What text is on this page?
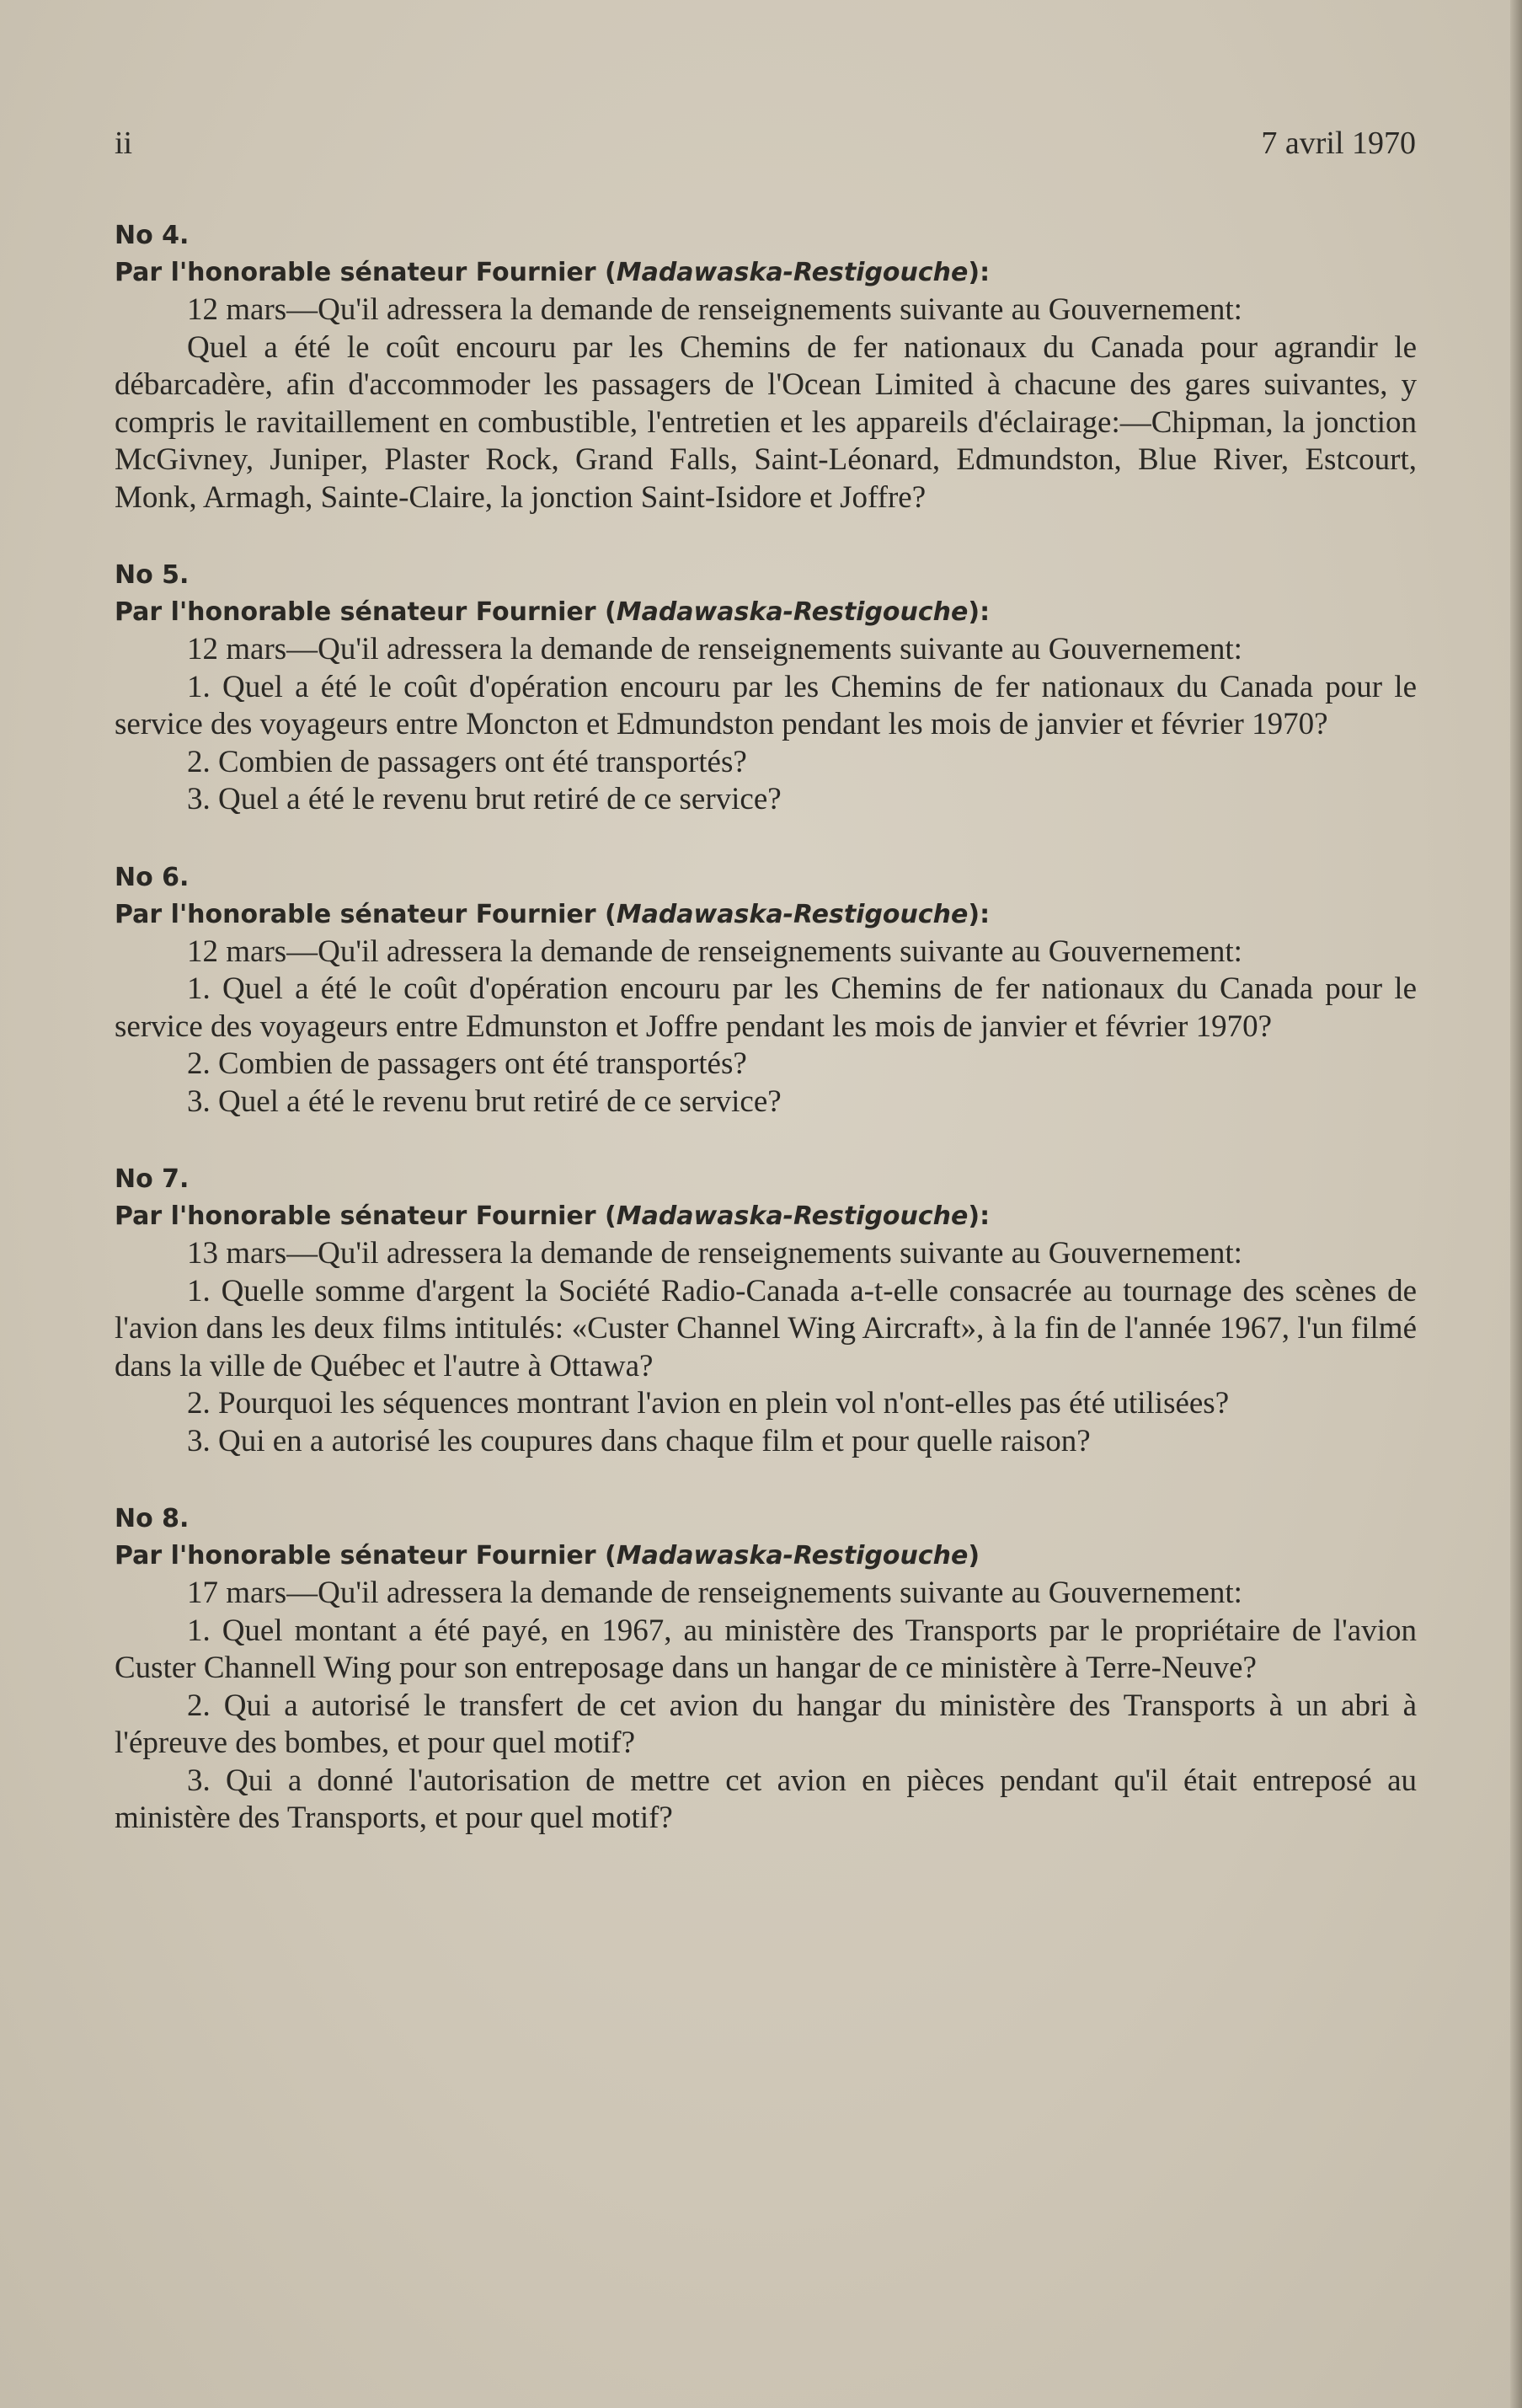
ii	7 avril 1970
No 4.
Par l'honorable sénateur Fournier (Madawaska-Restigouche):

12 mars—Qu'il adressera la demande de renseignements suivante au Gouvernement:

Quel a été le coût encouru par les Chemins de fer nationaux du Canada pour agrandir le débarcadère, afin d'accommoder les passagers de l'Ocean Limited à chacune des gares suivantes, y compris le ravitaillement en combustible, l'entretien et les appareils d'éclairage:—Chipman, la jonction McGivney, Juniper, Plaster Rock, Grand Falls, Saint-Léonard, Edmundston, Blue River, Estcourt, Monk, Armagh, Sainte-Claire, la jonction Saint-Isidore et Joffre?

No 5.
Par l'honorable sénateur Fournier (Madawaska-Restigouche):

12 mars—Qu'il adressera la demande de renseignements suivante au Gouvernement:

1. Quel a été le coût d'opération encouru par les Chemins de fer nationaux du Canada pour le service des voyageurs entre Moncton et Edmundston pendant les mois de janvier et février 1970?

2. Combien de passagers ont été transportés?

3. Quel a été le revenu brut retiré de ce service?

No 6.
Par l'honorable sénateur Fournier (Madawaska-Restigouche):

12 mars—Qu'il adressera la demande de renseignements suivante au Gouvernement:

1. Quel a été le coût d'opération encouru par les Chemins de fer nationaux du Canada pour le service des voyageurs entre Edmunston et Joffre pendant les mois de janvier et février 1970?

2. Combien de passagers ont été transportés?

3. Quel a été le revenu brut retiré de ce service?

No 7.
Par l'honorable sénateur Fournier (Madawaska-Restigouche):

13 mars—Qu'il adressera la demande de renseignements suivante au Gouvernement:

1. Quelle somme d'argent la Société Radio-Canada a-t-elle consacrée au tournage des scènes de l'avion dans les deux films intitulés: «Custer Channel Wing Aircraft», à la fin de l'année 1967, l'un filmé dans la ville de Québec et l'autre à Ottawa?

2. Pourquoi les séquences montrant l'avion en plein vol n'ont-elles pas été utilisées?

3. Qui en a autorisé les coupures dans chaque film et pour quelle raison?

No 8.
Par l'honorable sénateur Fournier (Madawaska-Restigouche)

17 mars—Qu'il adressera la demande de renseignements suivante au Gouvernement:

1. Quel montant a été payé, en 1967, au ministère des Transports par le propriétaire de l'avion Custer Channell Wing pour son entreposage dans un hangar de ce ministère à Terre-Neuve?

2. Qui a autorisé le transfert de cet avion du hangar du ministère des Transports à un abri à l'épreuve des bombes, et pour quel motif?

3. Qui a donné l'autorisation de mettre cet avion en pièces pendant qu'il était entreposé au ministère des Transports, et pour quel motif?
